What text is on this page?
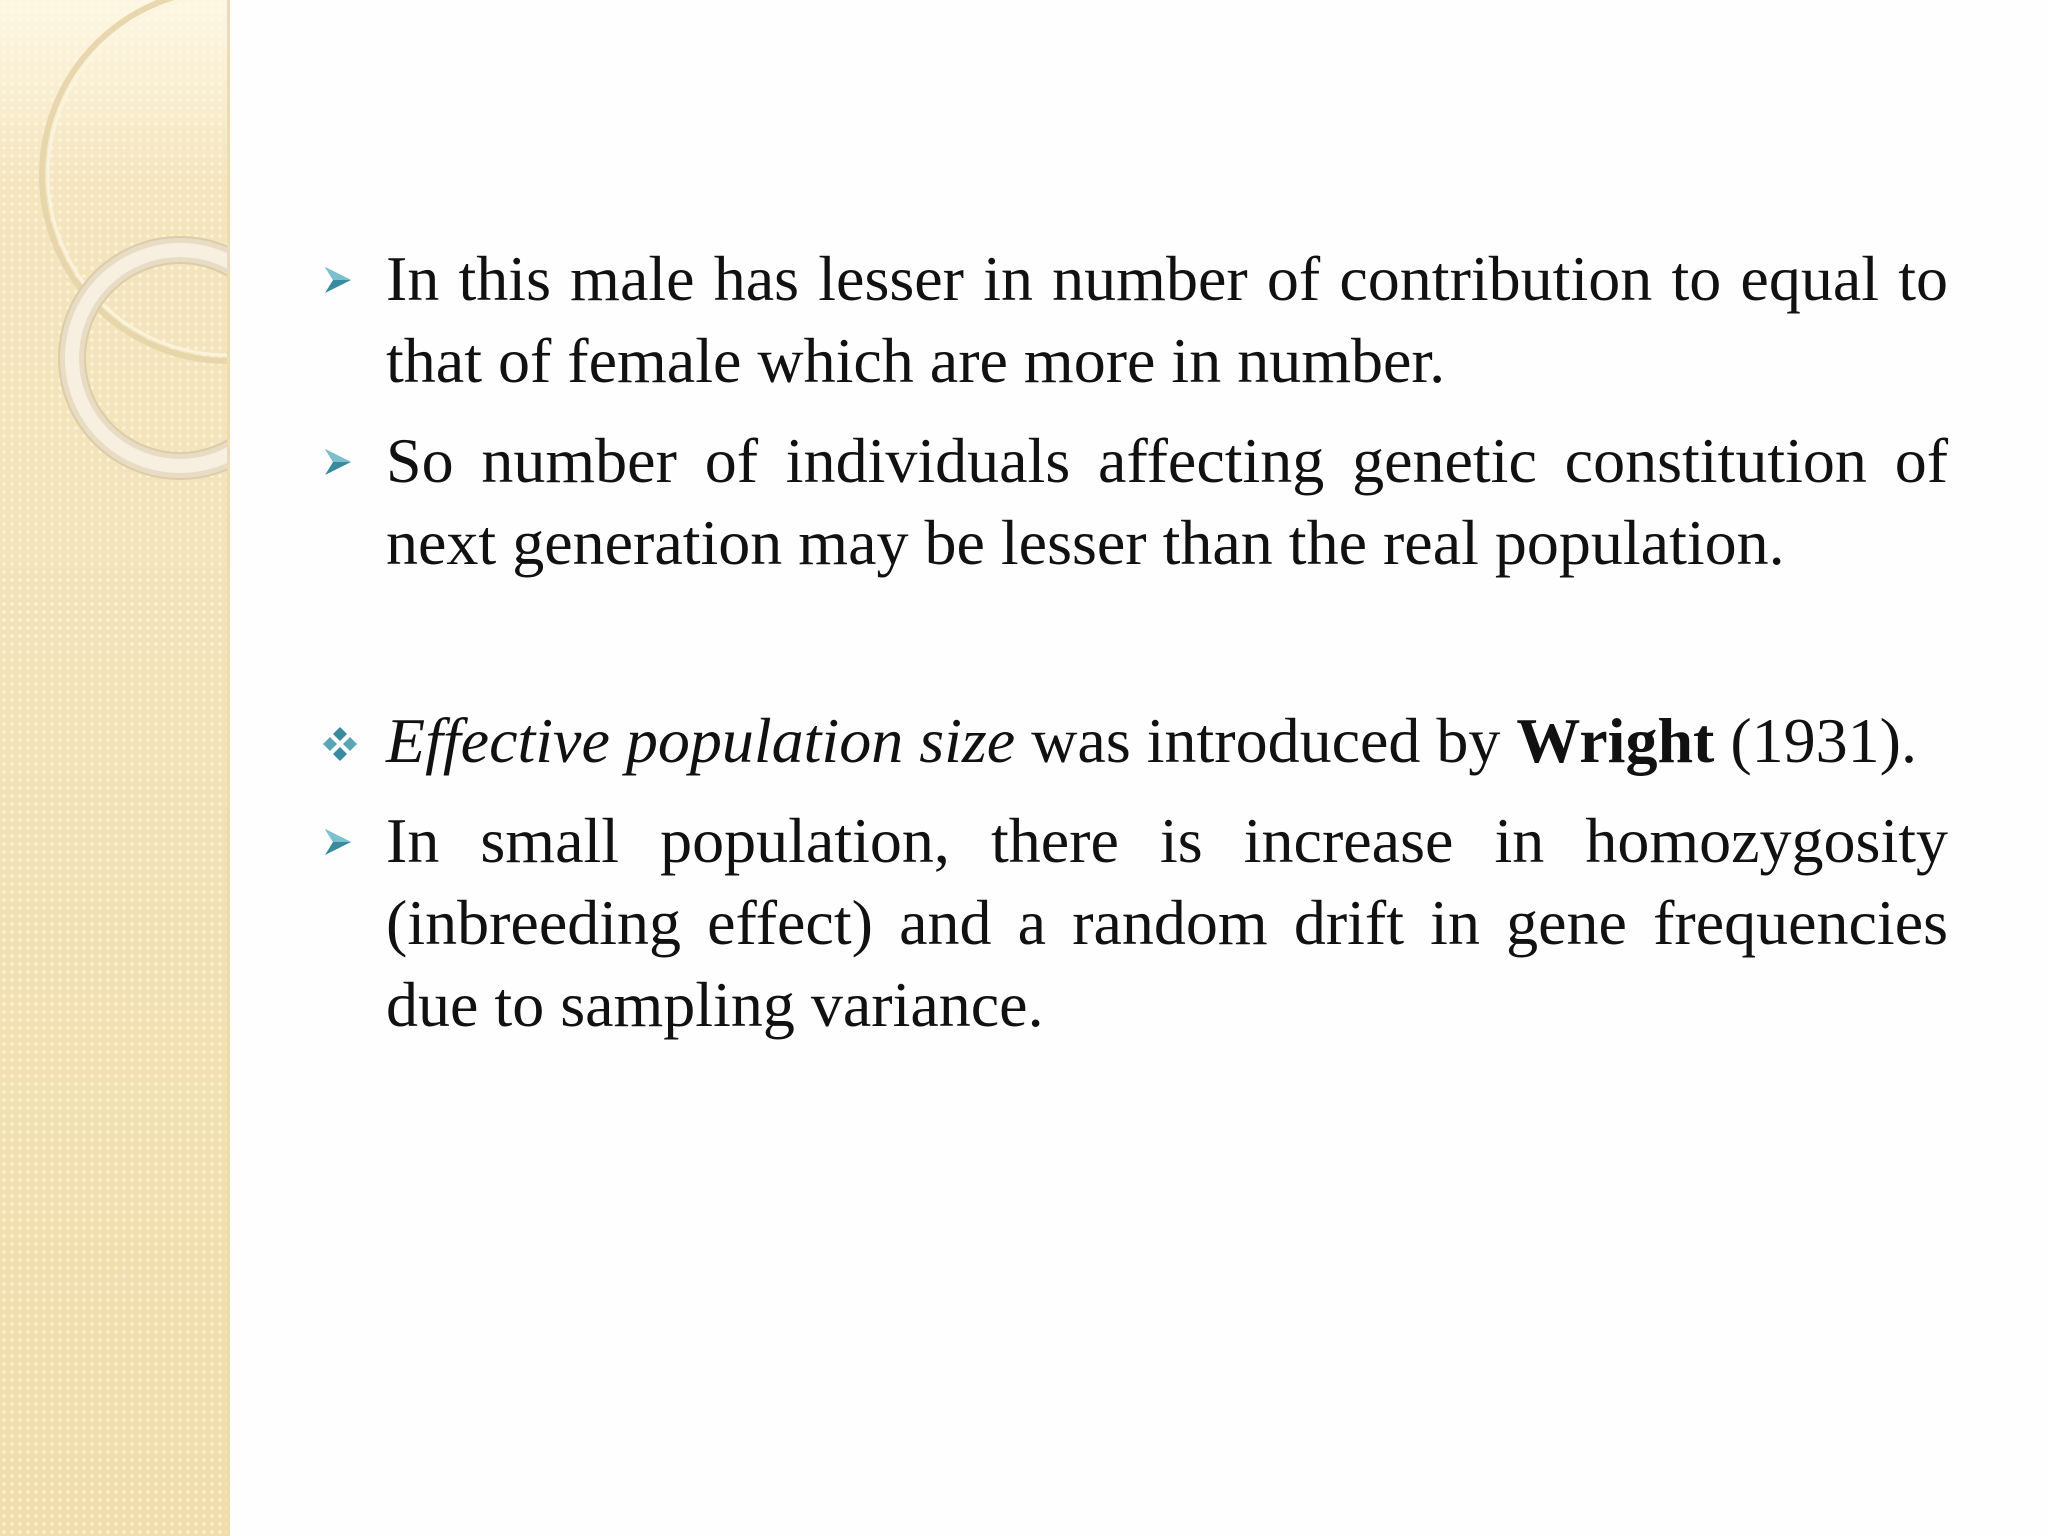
In this male has lesser in number of contribution to equal to that of female which are more in number.
So number of individuals affecting genetic constitution of next generation may be lesser than the real population.
Effective population size was introduced by Wright (1931).
In small population, there is increase in homozygosity (inbreeding effect) and a random drift in gene frequencies due to sampling variance.
